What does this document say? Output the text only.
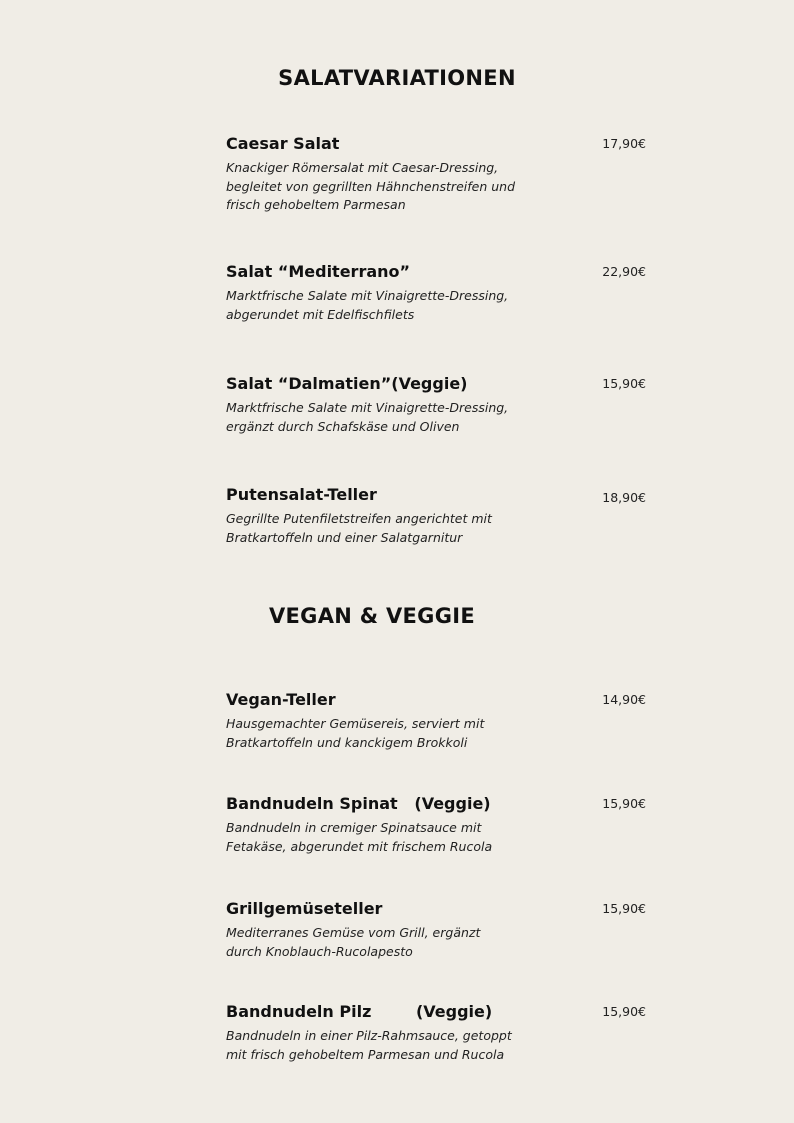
SALATVARIATIONEN
Caesar Salat	17,90€
Knackiger Römersalat mit Caesar-Dressing,
begleitet von gegrillten Hähnchenstreifen und
frisch gehobeltem Parmesan
Salat “Mediterrano”	22,90€
Marktfrische Salate mit Vinaigrette-Dressing,
abgerundet mit Edelfischfilets
Salat “Dalmatien”(Veggie)	15,90€
Marktfrische Salate mit Vinaigrette-Dressing,
ergänzt durch Schafskäse und Oliven
Putensalat-Teller	18,90€
Gegrillte Putenfiletstreifen angerichtet mit
Bratkartoffeln und einer Salatgarnitur
VEGAN & VEGGIE
Vegan-Teller	14,90€
Hausgemachter Gemüsereis, serviert mit
Bratkartoffeln und kanckigem Brokkoli
Bandnudeln Spinat   (Veggie)	15,90€
Bandnudeln in cremiger Spinatsauce mit
Fetakäse, abgerundet mit frischem Rucola
Grillgemüseteller	15,90€
Mediterranes Gemüse vom Grill, ergänzt
durch Knoblauch-Rucolapesto
Bandnudeln Pilz        (Veggie)	15,90€
Bandnudeln in einer Pilz-Rahmsauce, getoppt
mit frisch gehobeltem Parmesan und Rucola
